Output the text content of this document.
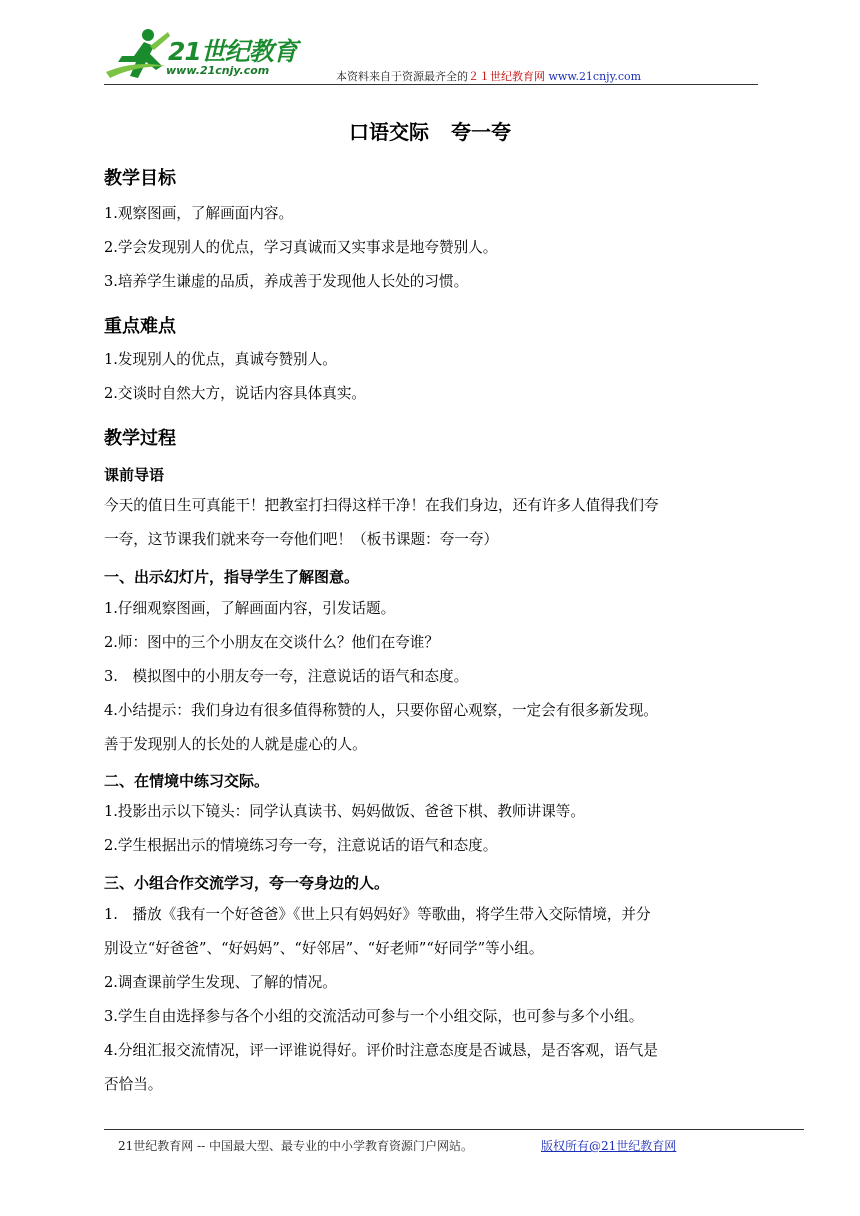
21世纪教育
www.21cnjy.com	本资料来自于资源最齐全的２１世纪教育网 www.21cnjy.com
口语交际 夸一夸
教学目标
1.观察图画，了解画面内容。
2.学会发现别人的优点，学习真诚而又实事求是地夸赞别人。
3.培养学生谦虚的品质，养成善于发现他人长处的习惯。
重点难点
1.发现别人的优点，真诚夸赞别人。
2.交谈时自然大方，说话内容具体真实。
教学过程
课前导语
今天的值日生可真能干！把教室打扫得这样干净！在我们身边，还有许多人值得我们夸
一夸，这节课我们就来夸一夸他们吧！（板书课题：夸一夸）
一、出示幻灯片，指导学生了解图意。
1.仔细观察图画，了解画面内容，引发话题。
2.师：图中的三个小朋友在交谈什么？他们在夸谁？
3.　模拟图中的小朋友夸一夸，注意说话的语气和态度。
4.小结提示：我们身边有很多值得称赞的人，只要你留心观察，一定会有很多新发现。
善于发现别人的长处的人就是虚心的人。
二、在情境中练习交际。
1.投影出示以下镜头：同学认真读书、妈妈做饭、爸爸下棋、教师讲课等。
2.学生根据出示的情境练习夸一夸，注意说话的语气和态度。
三、小组合作交流学习，夸一夸身边的人。
1.　播放《我有一个好爸爸》《世上只有妈妈好》等歌曲，将学生带入交际情境，并分
别设立“好爸爸”、“好妈妈”、“好邻居”、“好老师”“好同学”等小组。
2.调查课前学生发现、了解的情况。
3.学生自由选择参与各个小组的交流活动可参与一个小组交际，也可参与多个小组。
4.分组汇报交流情况，评一评谁说得好。评价时注意态度是否诚恳，是否客观，语气是
否恰当。
21世纪教育网 -- 中国最大型、最专业的中小学教育资源门户网站。	版权所有@21世纪教育网
